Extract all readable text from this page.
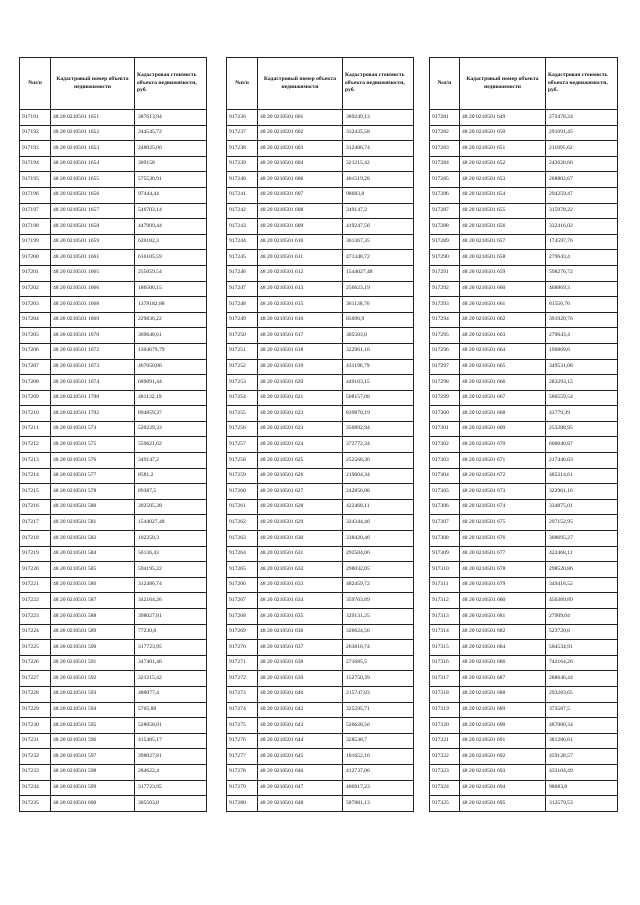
№п/п	Кадастровый номер объекта недвижимости	Кадастровая стоимость объекта недвижимости, руб.
917191	48 20 0210501 1651	387613,94
917192	48 20 0210501 1652	344545,72
917193	48 20 0210501 1653	248025,06
917194	48 20 0210501 1654	309158
917195	48 20 0210501 1655	575530,91
917196	48 20 0210501 1656	97444,44
917197	48 20 0210501 1657	546703,14
917198	48 20 0210501 1658	447909,44
917199	48 20 0210501 1659	620182,3
917200	48 20 0210501 1661	616105,59
917201	48 20 0210501 1665	255059,54
917202	48 20 0210501 1666	186500,15
917203	48 20 0210501 1668	1378182,88
917204	48 20 0210501 1669	229836,22
917205	48 20 0210501 1670	369648,61
917206	48 20 0210501 1672	1304679,79
917207	48 20 0210501 1673	467050,86
917208	48 20 0210501 1674	689091,44
917209	48 20 0210501 1790	481132,19
917210	48 20 0210501 1792	894859,37
917211	48 20 0210501 574	520229,33
917212	48 20 0210501 575	559621,62
917213	48 20 0210501 576	349147,2
917214	48 20 0210501 577	8581,2
917215	48 20 0210501 578	89387,5
917216	48 20 0210501 580	202505,38
917217	48 20 0210501 581	1544027,48
917218	48 20 0210501 582	102250,3
917219	48 20 0210501 584	56136,43
917220	48 20 0210501 585	594195,22
917221	48 20 0210501 586	312486,74
917222	48 20 0210501 587	342164,26
917223	48 20 0210501 588	398027,81
917224	48 20 0210501 589	77230,8
917225	48 20 0210501 590	317723,95
917226	48 20 0210501 591	347401,46
917227	48 20 0210501 592	321215,42
917228	48 20 0210501 593	480077,4
917229	48 20 0210501 594	5765,88
917230	48 20 0210501 595	528058,01
917231	48 20 0210501 596	415485,17
917232	48 20 0210501 597	398027,81
917233	48 20 0210501 598	284622,4
917234	48 20 0210501 599	317723,95
917235	48 20 0210501 600	305503,8
№п/п	Кадастровый номер объекта недвижимости	Кадастровая стоимость объекта недвижимости, руб.
917236	48 20 0210501 601	389249,13
917237	48 20 0210501 602	332435,58
917238	48 20 0210501 603	312486,74
917239	48 20 0210501 604	321215,42
917240	48 20 0210501 606	401519,28
917241	48 20 0210501 607	98683,8
917242	48 20 0210501 608	349147,2
917243	48 20 0210501 609	419247,56
917244	48 20 0210501 610	361367,35
917245	48 20 0210501 611	471348,72
917246	48 20 0210501 612	1544027,48
917247	48 20 0210501 613	256623,19
917248	48 20 0210501 615	361138,76
917249	48 20 0210501 616	85696,9
917250	48 20 0210501 617	305503,8
917251	48 20 0210501 618	322961,16
917252	48 20 0210501 619	431196,79
917253	48 20 0210501 620	449103,15
917254	48 20 0210501 621	508157,08
917255	48 20 0210501 622	839870,19
917256	48 20 0210501 623	350892,94
917257	48 20 0210501 624	372772,34
917258	48 20 0210501 625	252568,36
917259	48 20 0210501 626	219604,34
917260	48 20 0210501 627	242856,88
917261	48 20 0210501 628	422468,11
917262	48 20 0210501 629	324344,46
917263	48 20 0210501 630	338420,46
917264	48 20 0210501 631	292504,06
917265	48 20 0210501 632	298032,05
917266	48 20 0210501 633	482459,72
917267	48 20 0210501 634	359763,89
917268	48 20 0210501 635	329131,25
917269	48 20 0210501 636	326624,56
917270	48 20 0210501 637	263816,74
917271	48 20 0210501 638	271685,5
917272	48 20 0210501 639	152750,39
917273	48 20 0210501 640	215747,83
917274	48 20 0210501 642	325595,71
917275	48 20 0210501 643	526628,56
917276	48 20 0210501 644	328538,7
917277	48 20 0210501 645	181652,16
917278	48 20 0210501 646	412737,06
917279	48 20 0210501 647	400917,23
917280	48 20 0210501 648	587881,13
№п/п	Кадастровый номер объекта недвижимости	Кадастровая стоимость объекта недвижимости, руб.
917281	48 20 0210501 649	272478,24
917282	48 20 0210501 650	291691,45
917283	48 20 0210501 651	211895,62
917284	48 20 0210501 652	242628,66
917285	48 20 0210501 653	268802,67
917286	48 20 0210501 654	294259,47
917287	48 20 0210501 655	315978,22
917288	48 20 0210501 656	332416,02
917289	48 20 0210501 657	174597,76
917290	48 20 0210501 658	279643,4
917291	48 20 0210501 659	598276,72
917292	48 20 0210501 660	468869,3
917293	48 20 0210501 661	81556,76
917294	48 20 0210501 662	391920,76
917295	48 20 0210501 663	279643,4
917296	48 20 0210501 664	196869,6
917297	48 20 0210501 665	349531,08
917298	48 20 0210501 666	283293,15
917299	48 20 0210501 667	580559,54
917300	48 20 0210501 668	43779,39
917301	48 20 0210501 669	253288,95
917302	48 20 0210501 670	600040,87
917303	48 20 0210501 671	217446,63
917304	48 20 0210501 672	485314,61
917305	48 20 0210501 673	322961,16
917306	48 20 0210501 674	334875,01
917307	48 20 0210501 675	297152,95
917308	48 20 0210501 676	308695,27
917309	48 20 0210501 677	422468,11
917310	48 20 0210501 678	298520,86
917311	48 20 0210501 679	349418,52
917312	48 20 0210501 680	450389,89
917313	48 20 0210501 681	27909,04
917314	48 20 0210501 682	523720,8
917315	48 20 0210501 684	504534,91
917316	48 20 0210501 686	742164,26
917317	48 20 0210501 687	288646,44
917318	48 20 0210501 688	293283,65
917319	48 20 0210501 689	373587,5
917320	48 20 0210501 690	487080,34
917321	48 20 0210501 691	381286,61
917322	48 20 0210501 692	459128,57
917323	48 20 0210501 693	433104,49
917324	48 20 0210501 694	98683,8
917325	48 20 0210501 695	312579,53
